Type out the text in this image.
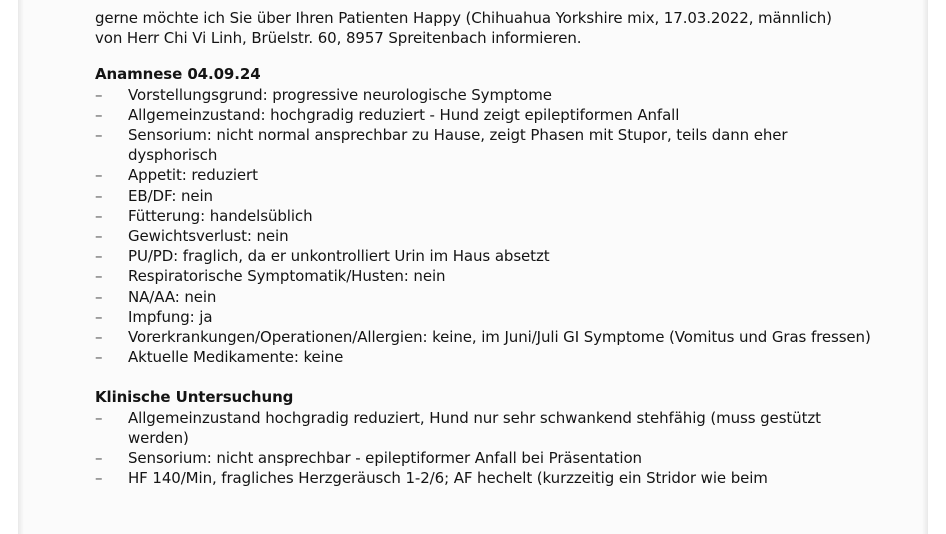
gerne möchte ich Sie über Ihren Patienten Happy (Chihuahua Yorkshire mix, 17.03.2022, männlich)

von Herr Chi Vi Linh, Brüelstr. 60, 8957 Spreitenbach informieren.

Anamnese 04.09.24

– Vorstellungsgrund: progressive neurologische Symptome
– Allgemeinzustand: hochgradig reduziert - Hund zeigt epileptiformen Anfall
– Sensorium: nicht normal ansprechbar zu Hause, zeigt Phasen mit Stupor, teils dann eher dysphorisch
– Appetit: reduziert
– EB/DF: nein
– Fütterung: handelsüblich
– Gewichtsverlust: nein
– PU/PD: fraglich, da er unkontrolliert Urin im Haus absetzt
– Respiratorische Symptomatik/Husten: nein
– NA/AA: nein
– Impfung: ja
– Vorerkrankungen/Operationen/Allergien: keine, im Juni/Juli GI Symptome (Vomitus und Gras fressen)
– Aktuelle Medikamente: keine

Klinische Untersuchung

– Allgemeinzustand hochgradig reduziert, Hund nur sehr schwankend stehfähig (muss gestützt werden)
– Sensorium: nicht ansprechbar - epileptiformer Anfall bei Präsentation
– HF 140/Min, fragliches Herzgeräusch 1-2/6; AF hechelt (kurzzeitig ein Stridor wie beim
